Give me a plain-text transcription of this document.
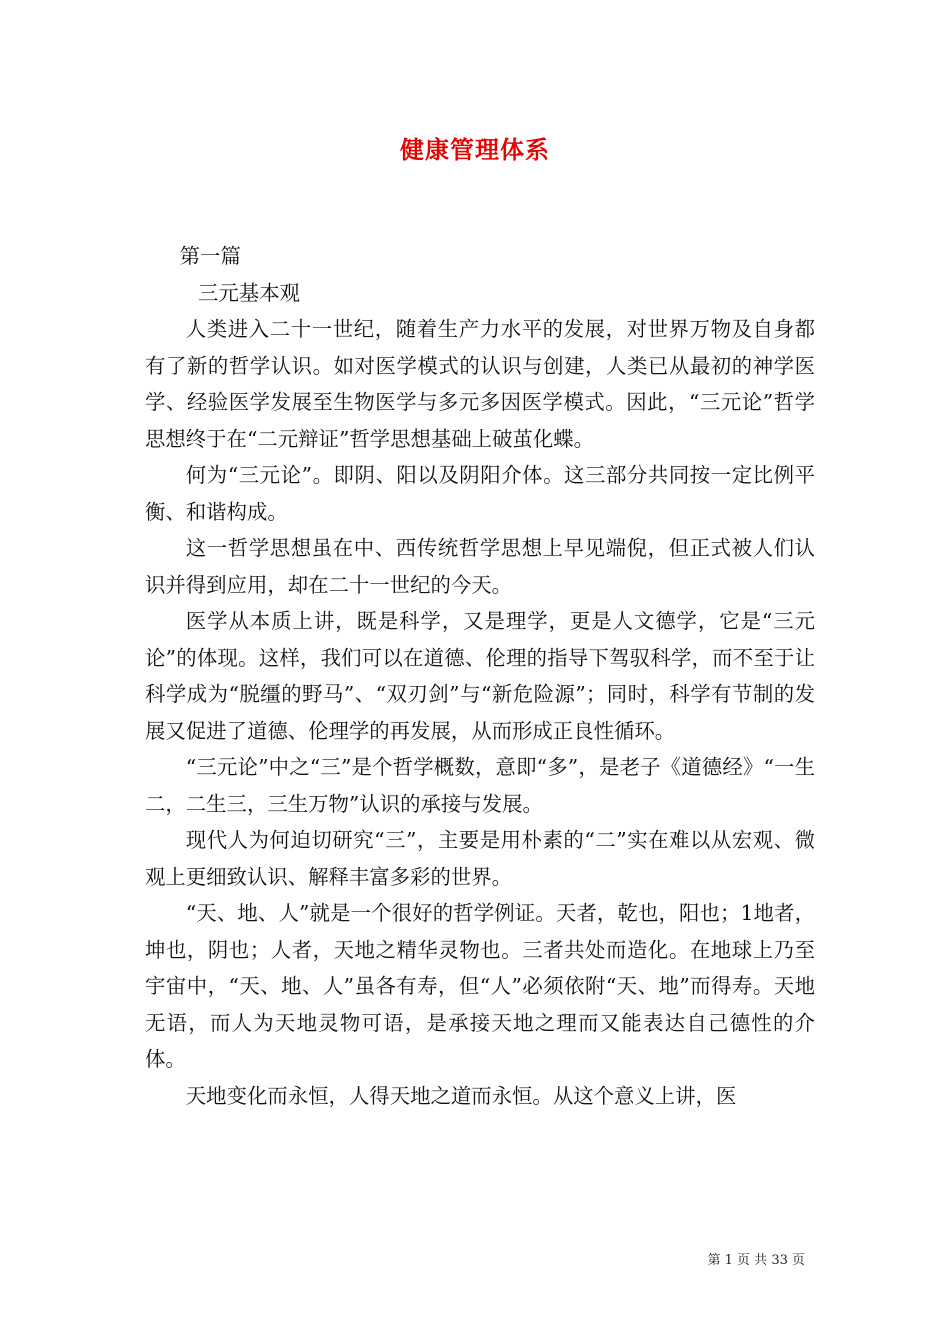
健康管理体系

第一篇

三元基本观

人类进入二十一世纪，随着生产力水平的发展，对世界万物及自身都有了新的哲学认识。如对医学模式的认识与创建，人类已从最初的神学医学、经验医学发展至生物医学与多元多因医学模式。因此，“三元论”哲学思想终于在“二元辩证”哲学思想基础上破茧化蝶。

何为“三元论”。即阴、阳以及阴阳介体。这三部分共同按一定比例平衡、和谐构成。

这一哲学思想虽在中、西传统哲学思想上早见端倪，但正式被人们认识并得到应用，却在二十一世纪的今天。

医学从本质上讲，既是科学，又是理学，更是人文德学，它是“三元论”的体现。这样，我们可以在道德、伦理的指导下驾驭科学，而不至于让科学成为“脱缰的野马”、“双刃剑”与“新危险源”；同时，科学有节制的发展又促进了道德、伦理学的再发展，从而形成正良性循环。

“三元论”中之“三”是个哲学概数，意即“多”，是老子《道德经》“一生二，二生三，三生万物”认识的承接与发展。

现代人为何迫切研究“三”，主要是用朴素的“二”实在难以从宏观、微观上更细致认识、解释丰富多彩的世界。

“天、地、人”就是一个很好的哲学例证。天者，乾也，阳也；1地者，坤也，阴也；人者，天地之精华灵物也。三者共处而造化。在地球上乃至宇宙中，“天、地、人”虽各有寿，但“人”必须依附“天、地”而得寿。天地无语，而人为天地灵物可语，是承接天地之理而又能表达自己德性的介体。

天地变化而永恒，人得天地之道而永恒。从这个意义上讲，医

第 1 页 共 33 页
